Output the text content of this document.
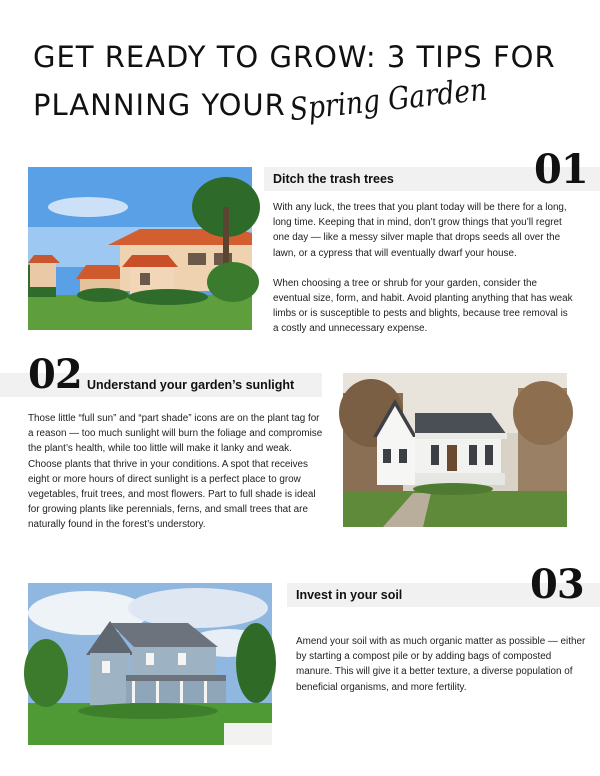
GET READY TO GROW: 3 TIPS FOR
PLANNING YOUR Spring Garden
01
Ditch the trash trees

With any luck, the trees that you plant today will be there for a long, long time. Keeping that in mind, don’t grow things that you’ll regret one day — like a messy silver maple that drops seeds all over the lawn, or a cypress that will eventually dwarf your house.

When choosing a tree or shrub for your garden, consider the eventual size, form, and habit. Avoid planting anything that has weak limbs or is susceptible to pests and blights, because tree removal is a costly and unnecessary expense.

02 Understand your garden’s sunlight

Those little “full sun” and “part shade” icons are on the plant tag for a reason — too much sunlight will burn the foliage and compromise the plant’s health, while too little will make it lanky and weak. Choose plants that thrive in your conditions. A spot that receives eight or more hours of direct sunlight is a perfect place to grow vegetables, fruit trees, and most flowers. Part to full shade is ideal for growing plants like perennials, ferns, and small trees that are naturally found in the forest’s understory.

03
Invest in your soil

Amend your soil with as much organic matter as possible — either by starting a compost pile or by adding bags of composted manure. This will give it a better texture, a diverse population of beneficial organisms, and more fertility.
